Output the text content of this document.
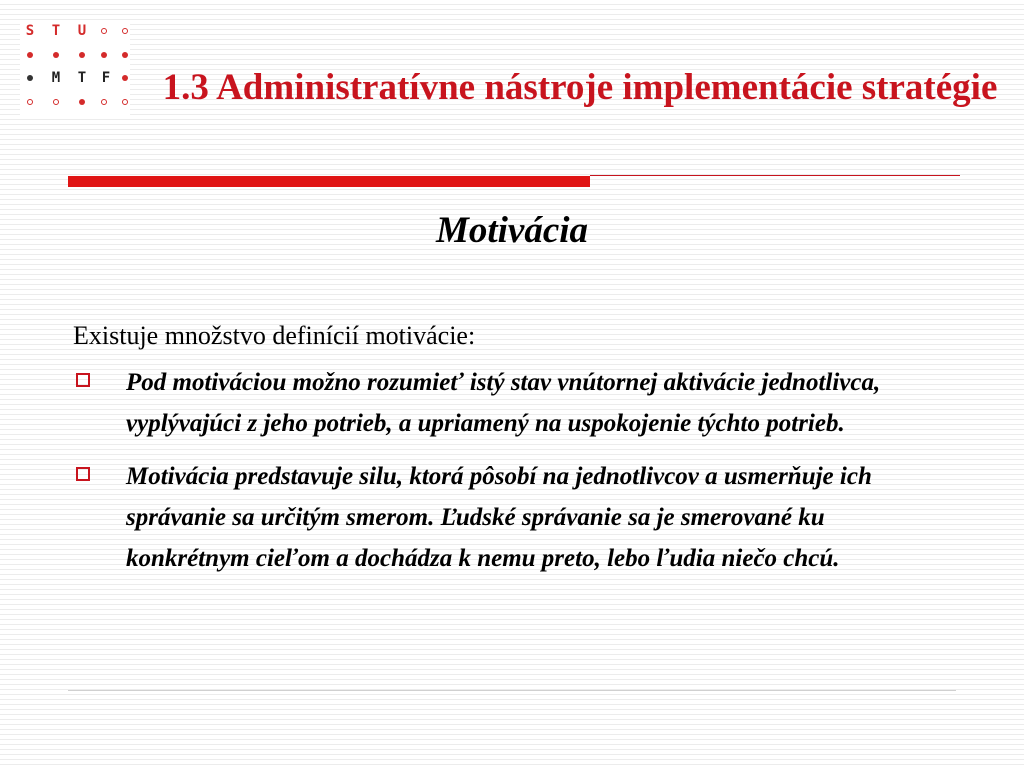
S	T	U
M	T	F	1.3 Administratívne nástroje implementácie stratégie
Motivácia

Existuje množstvo definícií motivácie:

Pod motiváciou možno rozumieť istý stav vnútornej aktivácie jednotlivca, vyplývajúci z jeho potrieb, a upriamený na uspokojenie týchto potrieb.
Motivácia predstavuje silu, ktorá pôsobí na jednotlivcov a usmerňuje ich správanie sa určitým smerom. Ľudské správanie sa je smerované ku konkrétnym cieľom a dochádza k nemu preto, lebo ľudia niečo chcú.
